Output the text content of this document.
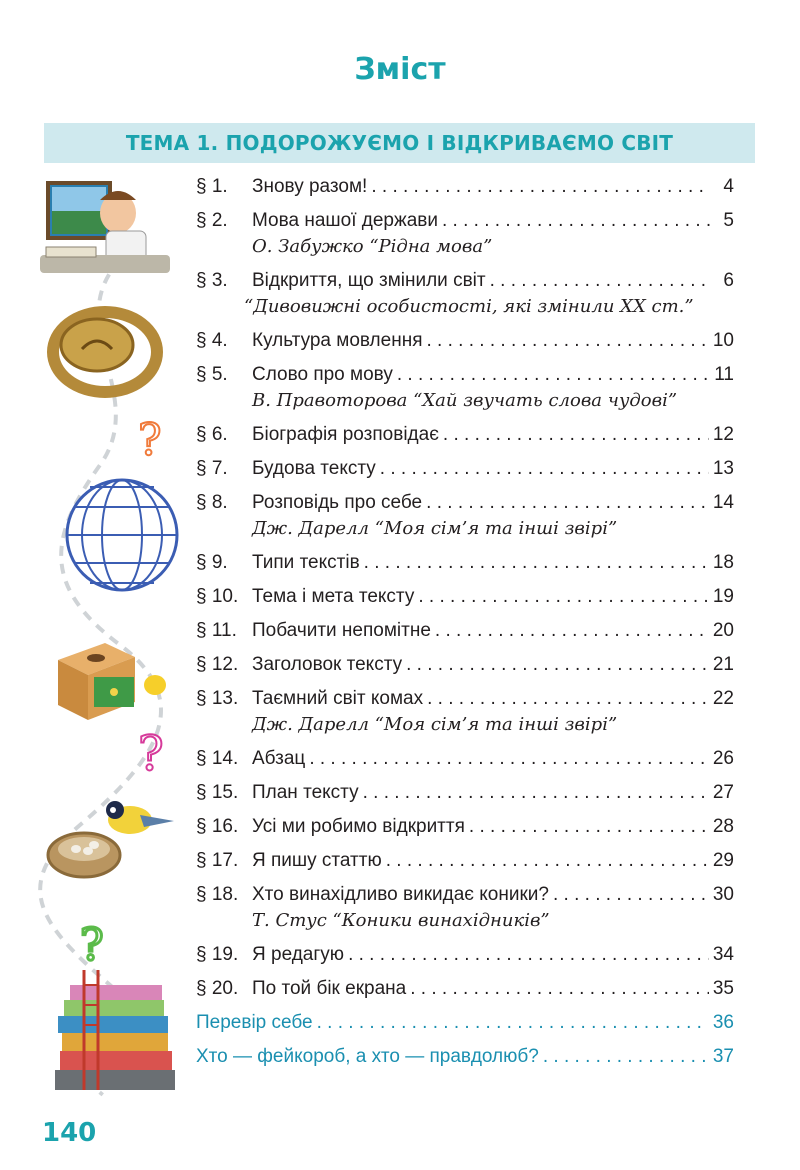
Зміст
ТЕМА 1. ПОДОРОЖУЄМО І ВІДКРИВАЄМО СВІТ
?
?
?
§ 1.	Знову разом! . . .	4
§ 2.	Мова нашої держави . . .	5
О. Забужко “Рідна мова”
§ 3.	Відкриття, що змінили світ . . .	6
“Дивовижні особистості, які змінили ХХ ст.”
§ 4.	Культура мовлення . . .	10
§ 5.	Слово про мову . . .	11
В. Правоторова “Хай звучать слова чудові”
§ 6.	Біографія розповідає . . .	12
§ 7.	Будова тексту . . .	13
§ 8.	Розповідь про себе . . .	14
Дж. Дарелл “Моя сім’я та інші звірі”
§ 9.	Типи текстів . . .	18
§ 10. Тема і мета тексту . . .	19
§ 11. Побачити непомітне . . .	20
§ 12. Заголовок тексту . . .	21
§ 13. Таємний світ комах . . .	22
Дж. Дарелл “Моя сім’я та інші звірі”
§ 14. Абзац . . .	26
§ 15. План тексту . . .	27
§ 16. Усі ми робимо відкриття . . .	28
§ 17. Я пишу статтю . . .	29
§ 18. Хто винахідливо викидає коники? . . .	30
Т. Стус “Коники винахідників”
§ 19. Я редагую . . .	34
§ 20. По той бік екрана . . .	35
Перевір себе . . .	36
Хто — фейкороб, а хто — правдолюб? . . .	37
140
